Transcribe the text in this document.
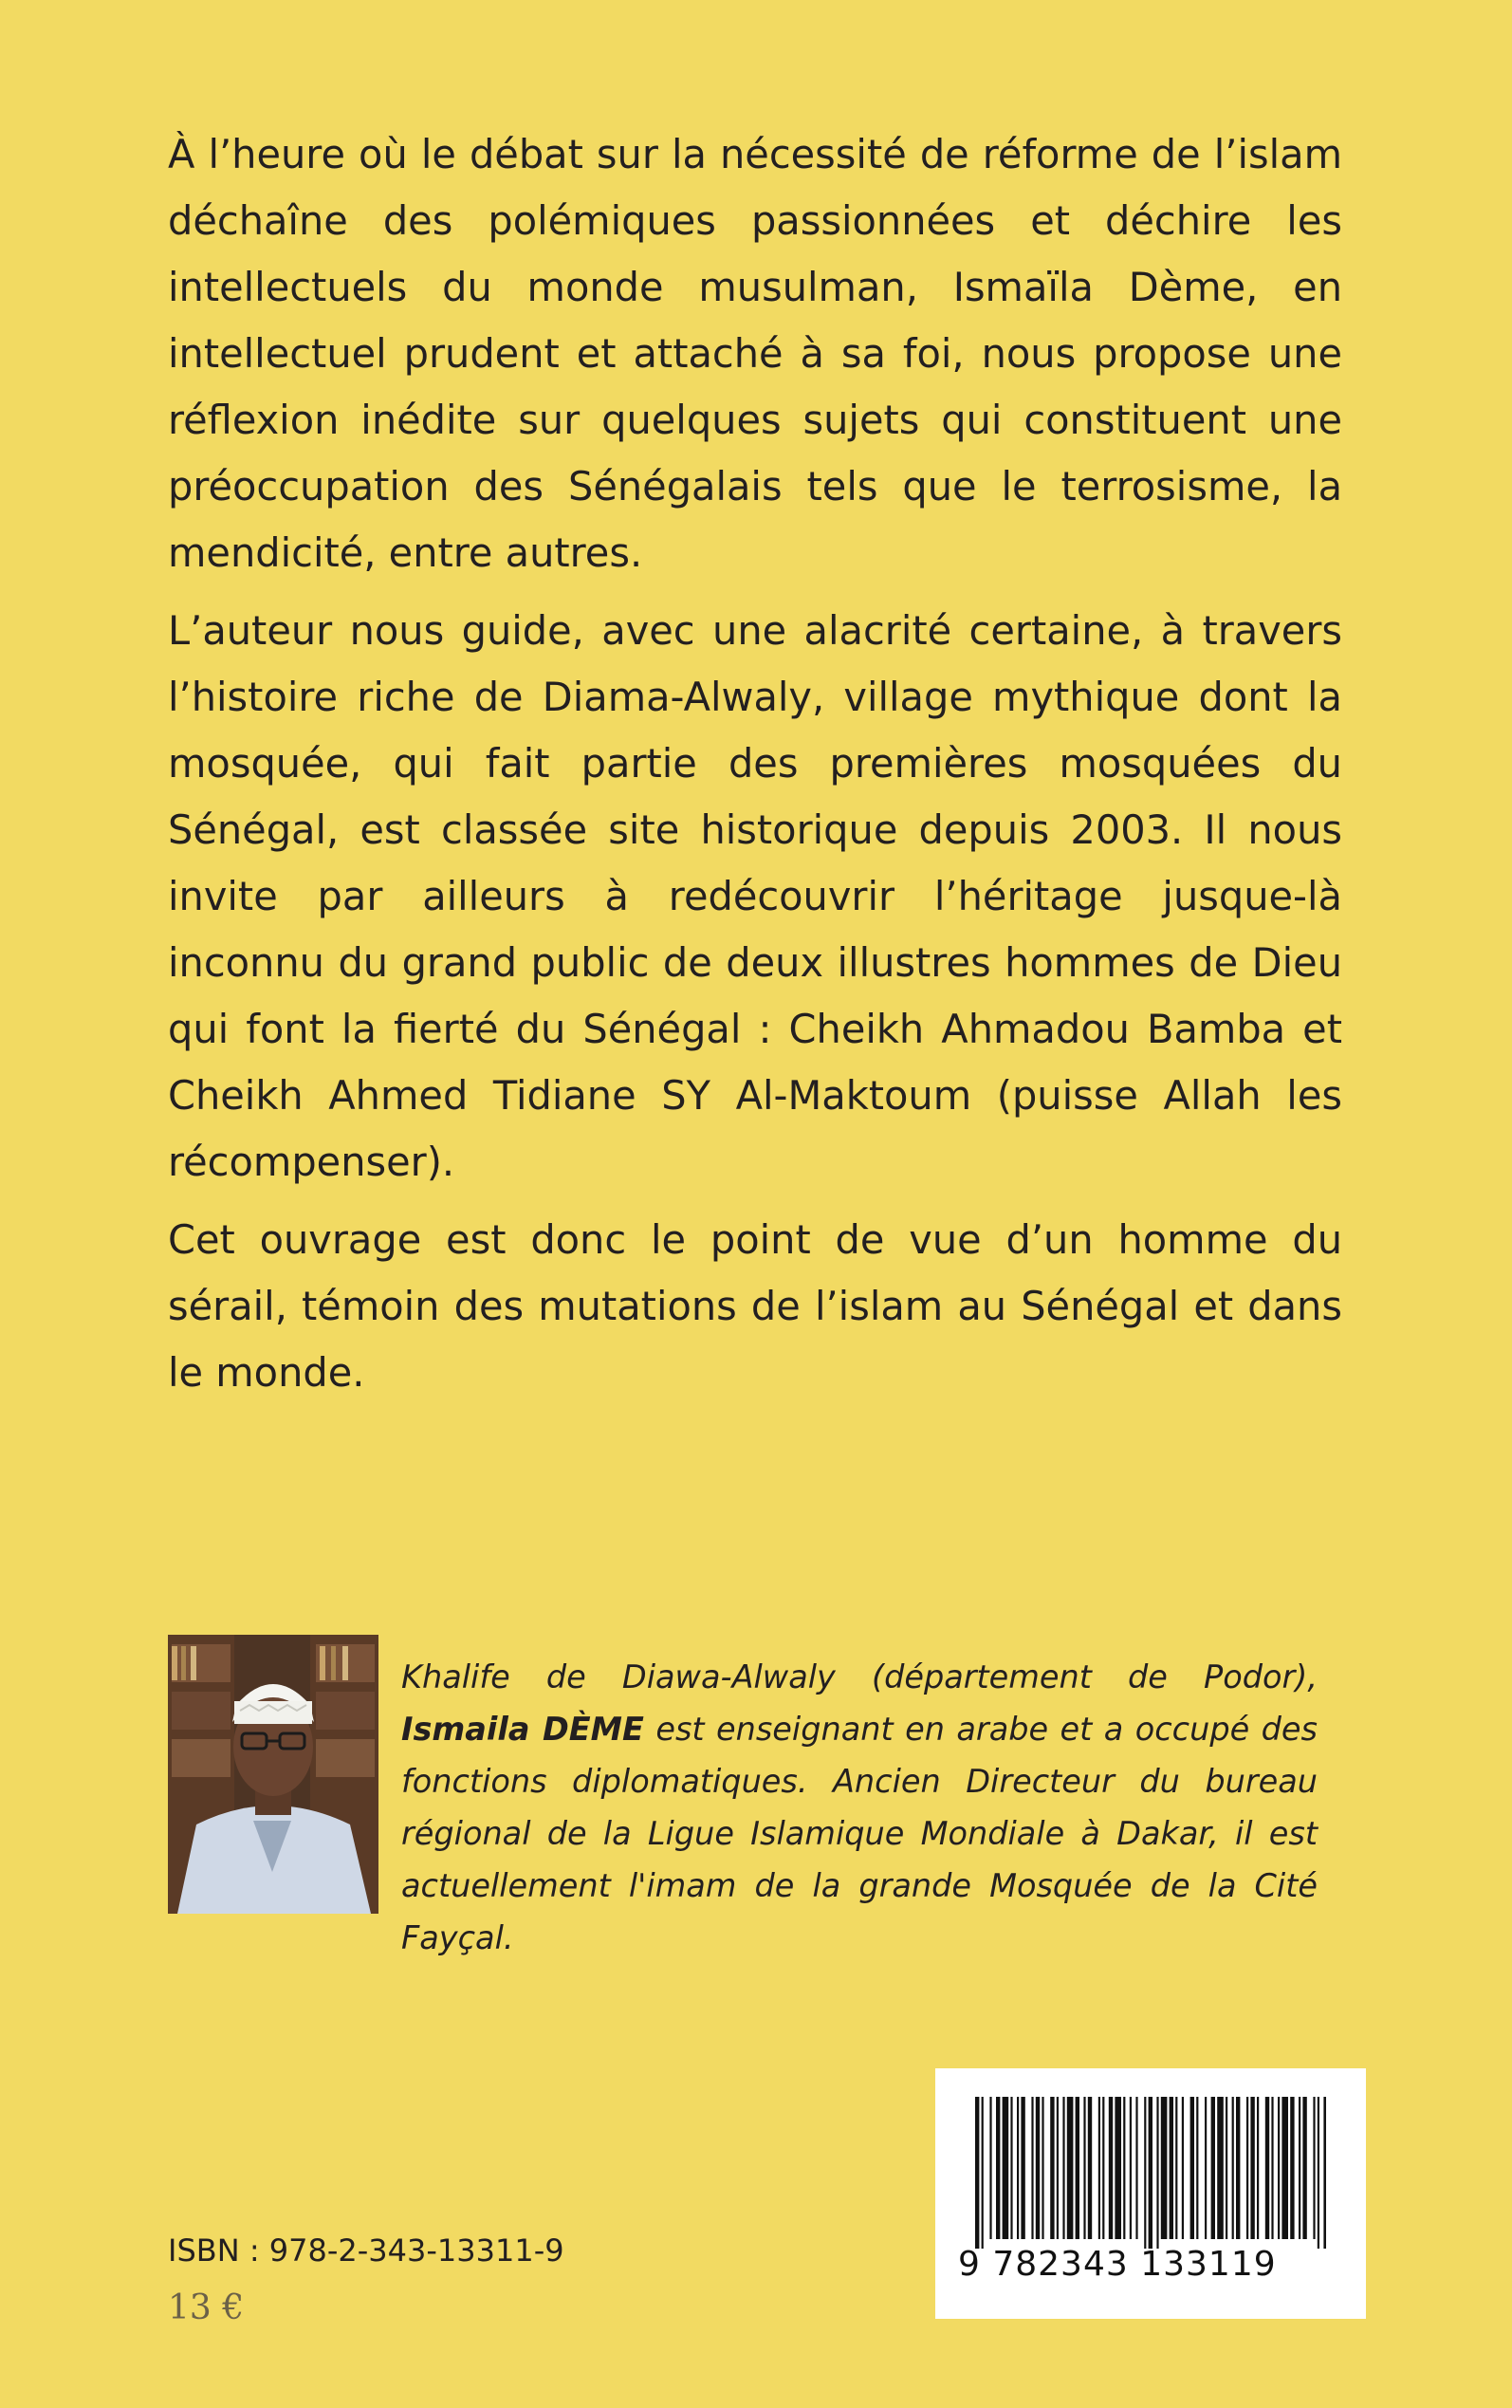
À l’heure où le débat sur la nécessité de réforme de l’islam déchaîne des polémiques passionnées et déchire les intellectuels du monde musulman, Ismaïla Dème, en intellectuel prudent et attaché à sa foi, nous propose une réflexion inédite sur quelques sujets qui constituent une préoccupation des Sénégalais tels que le terrosisme, la mendicité, entre autres.

L’auteur nous guide, avec une alacrité certaine, à travers l’histoire riche de Diama-Alwaly, village mythique dont la mosquée, qui fait partie des premières mosquées du Sénégal, est classée site historique depuis 2003. Il nous invite par ailleurs à redécouvrir l’héritage jusque-là inconnu du grand public de deux illustres hommes de Dieu qui font la fierté du Sénégal : Cheikh Ahmadou Bamba et Cheikh Ahmed Tidiane SY Al-Maktoum (puisse Allah les récompenser).

Cet ouvrage est donc le point de vue d’un homme du sérail, témoin des mutations de l’islam au Sénégal et dans le monde.

Khalife de Diawa-Alwaly (département de Podor), Ismaila DÈME est enseignant en arabe et a occupé des fonctions diplomatiques. Ancien Directeur du bureau régional de la Ligue Islamique Mondiale à Dakar, il est actuellement l'imam de la grande Mosquée de la Cité Fayçal.
ISBN : 978-2-343-13311-9
13 €
9 782343 133119
